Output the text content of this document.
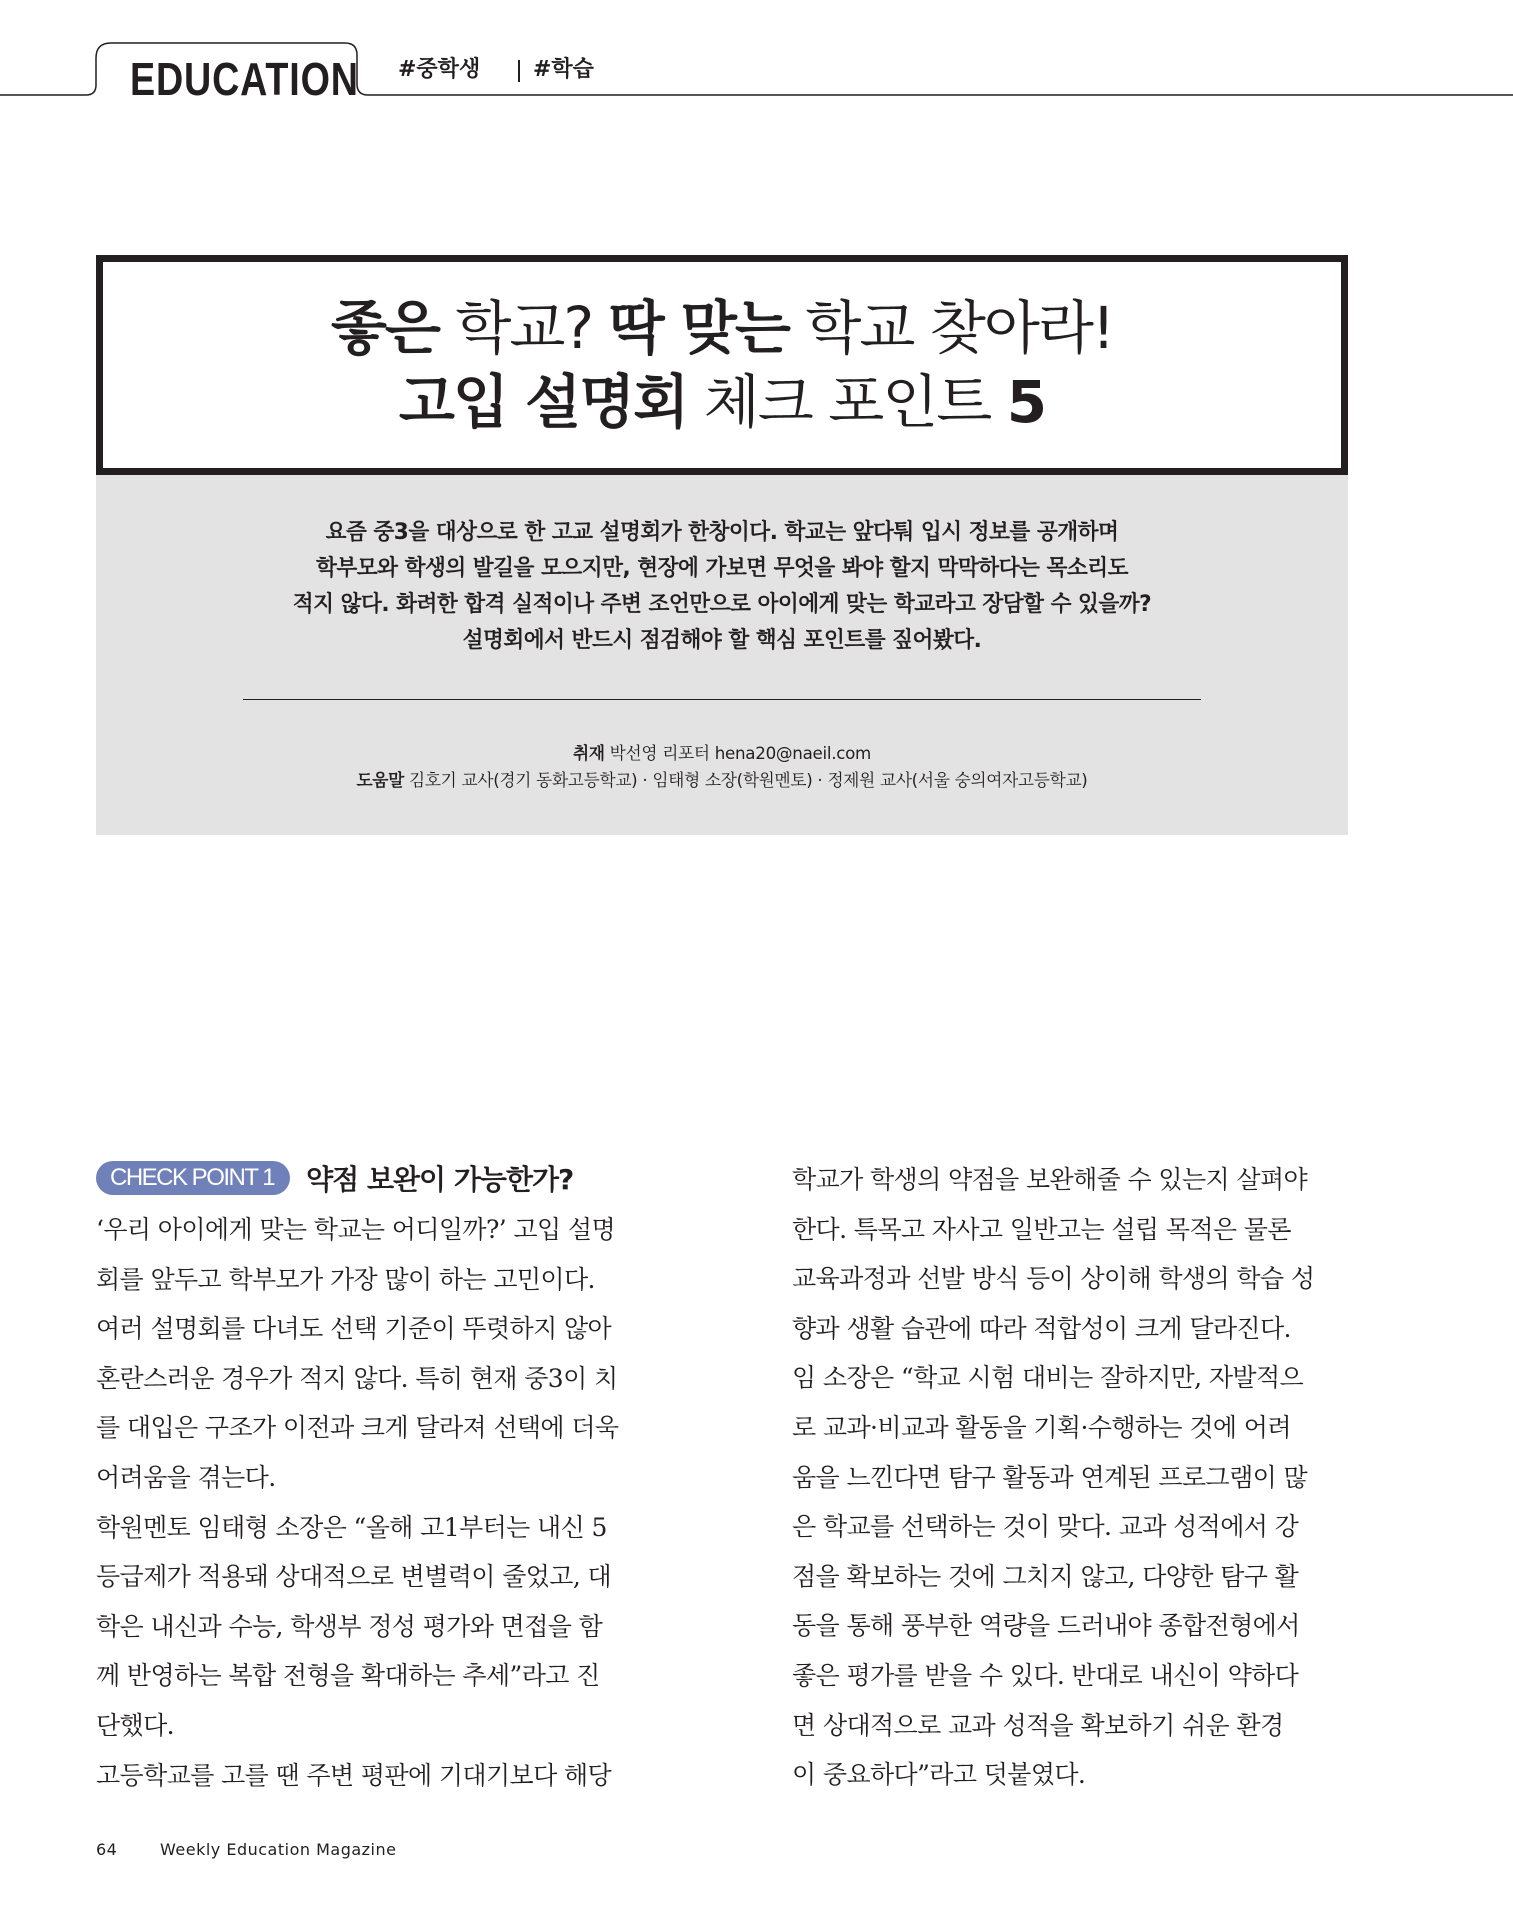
EDUCATION #중학생 #학습
좋은 학교? 딱 맞는 학교 찾아라!
고입 설명회 체크 포인트 5
요즘 중3을 대상으로 한 고교 설명회가 한창이다. 학교는 앞다퉈 입시 정보를 공개하며
학부모와 학생의 발길을 모으지만, 현장에 가보면 무엇을 봐야 할지 막막하다는 목소리도
적지 않다. 화려한 합격 실적이나 주변 조언만으로 아이에게 맞는 학교라고 장담할 수 있을까?
설명회에서 반드시 점검해야 할 핵심 포인트를 짚어봤다.
취재 박선영 리포터 hena20@naeil.com
도움말 김호기 교사(경기 동화고등학교) · 임태형 소장(학원멘토) · 정제원 교사(서울 숭의여자고등학교)
CHECK POINT 1	약점 보완이 가능한가?
‘우리 아이에게 맞는 학교는 어디일까?’ 고입 설명
회를 앞두고 학부모가 가장 많이 하는 고민이다.
여러 설명회를 다녀도 선택 기준이 뚜렷하지 않아
혼란스러운 경우가 적지 않다. 특히 현재 중3이 치
를 대입은 구조가 이전과 크게 달라져 선택에 더욱
어려움을 겪는다.
학원멘토 임태형 소장은 “올해 고1부터는 내신 5
등급제가 적용돼 상대적으로 변별력이 줄었고, 대
학은 내신과 수능, 학생부 정성 평가와 면접을 함
께 반영하는 복합 전형을 확대하는 추세”라고 진
단했다.
고등학교를 고를 땐 주변 평판에 기대기보다 해당
학교가 학생의 약점을 보완해줄 수 있는지 살펴야
한다. 특목고 자사고 일반고는 설립 목적은 물론
교육과정과 선발 방식 등이 상이해 학생의 학습 성
향과 생활 습관에 따라 적합성이 크게 달라진다.
임 소장은 “학교 시험 대비는 잘하지만, 자발적으
로 교과·비교과 활동을 기획·수행하는 것에 어려
움을 느낀다면 탐구 활동과 연계된 프로그램이 많
은 학교를 선택하는 것이 맞다. 교과 성적에서 강
점을 확보하는 것에 그치지 않고, 다양한 탐구 활
동을 통해 풍부한 역량을 드러내야 종합전형에서
좋은 평가를 받을 수 있다. 반대로 내신이 약하다
면 상대적으로 교과 성적을 확보하기 쉬운 환경
이 중요하다”라고 덧붙였다.
64	Weekly Education Magazine
